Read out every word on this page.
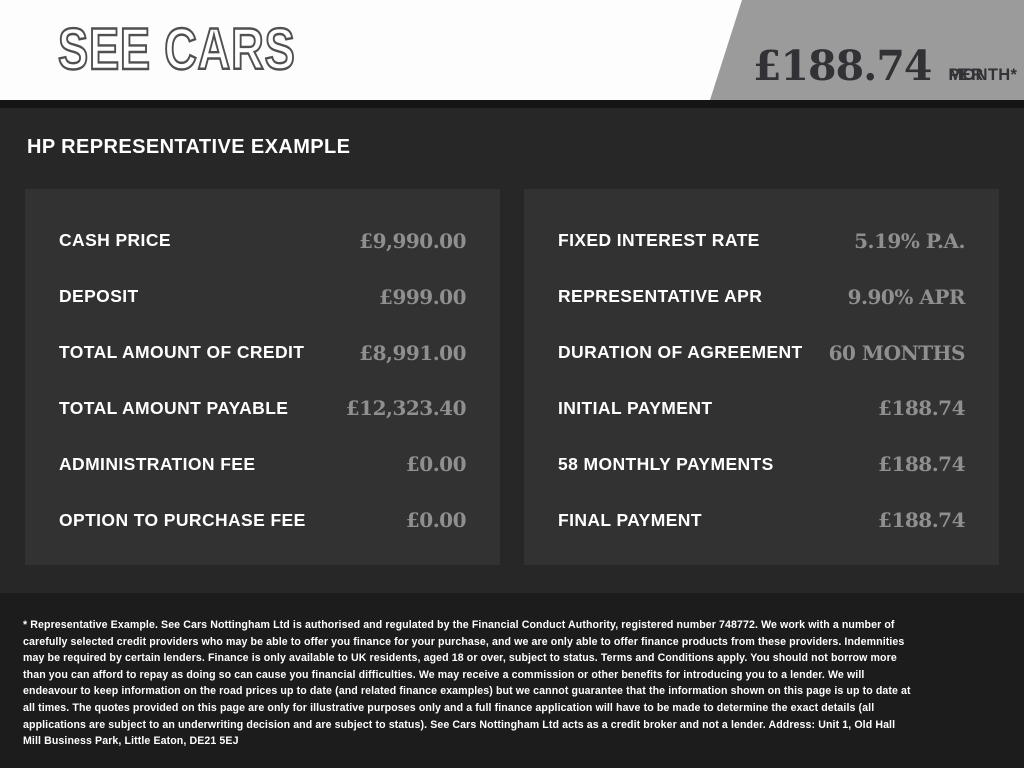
SEE CARS	£188.74 PER MONTH*
HP REPRESENTATIVE EXAMPLE
CASH PRICE	£9,990.00
DEPOSIT	£999.00
TOTAL AMOUNT OF CREDIT	£8,991.00
TOTAL AMOUNT PAYABLE	£12,323.40
ADMINISTRATION FEE	£0.00
OPTION TO PURCHASE FEE	£0.00
FIXED INTEREST RATE	5.19% P.A.
REPRESENTATIVE APR	9.90% APR
DURATION OF AGREEMENT 60 MONTHS
INITIAL PAYMENT	£188.74
58 MONTHLY PAYMENTS	£188.74
FINAL PAYMENT	£188.74

* Representative Example. See Cars Nottingham Ltd is authorised and regulated by the Financial Conduct Authority, registered number 748772. We work with a number of carefully selected credit providers who may be able to offer you finance for your purchase, and we are only able to offer finance products from these providers. Indemnities may be required by certain lenders. Finance is only available to UK residents, aged 18 or over, subject to status. Terms and Conditions apply. You should not borrow more than you can afford to repay as doing so can cause you financial difficulties. We may receive a commission or other benefits for introducing you to a lender. We will endeavour to keep information on the road prices up to date (and related finance examples) but we cannot guarantee that the information shown on this page is up to date at all times. The quotes provided on this page are only for illustrative purposes only and a full finance application will have to be made to determine the exact details (all applications are subject to an underwriting decision and are subject to status). See Cars Nottingham Ltd acts as a credit broker and not a lender. Address: Unit 1, Old Hall Mill Business Park, Little Eaton, DE21 5EJ
